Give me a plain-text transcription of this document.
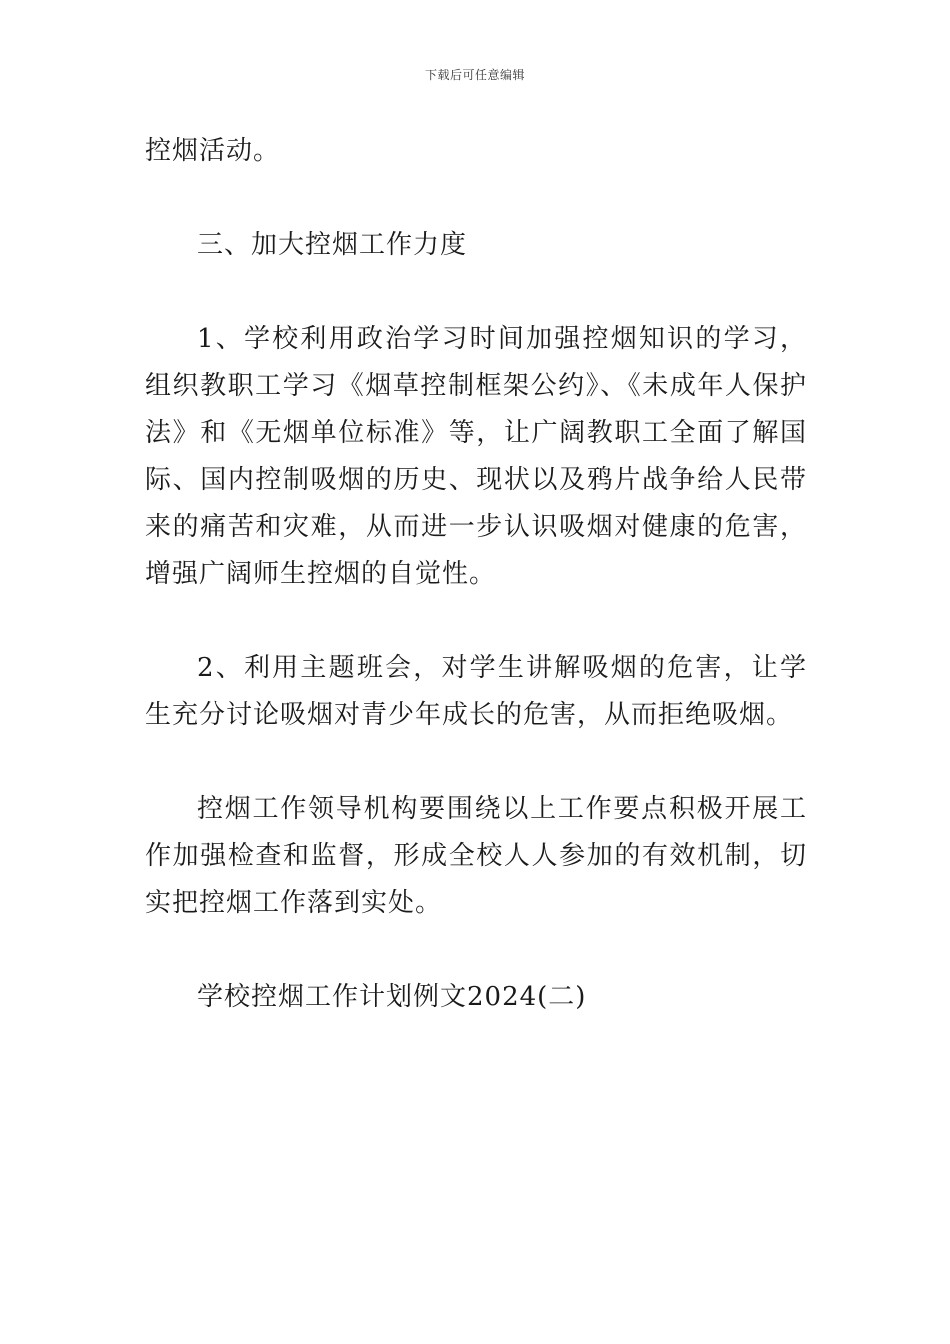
下载后可任意编辑

控烟活动。

三、加大控烟工作力度

1、学校利用政治学习时间加强控烟知识的学习，组织教职工学习《烟草控制框架公约》、《未成年人保护法》和《无烟单位标准》等，让广阔教职工全面了解国际、国内控制吸烟的历史、现状以及鸦片战争给人民带来的痛苦和灾难，从而进一步认识吸烟对健康的危害，增强广阔师生控烟的自觉性。

2、利用主题班会，对学生讲解吸烟的危害，让学生充分讨论吸烟对青少年成长的危害，从而拒绝吸烟。

控烟工作领导机构要围绕以上工作要点积极开展工作加强检查和监督，形成全校人人参加的有效机制，切实把控烟工作落到实处。

学校控烟工作计划例文2024(二)
